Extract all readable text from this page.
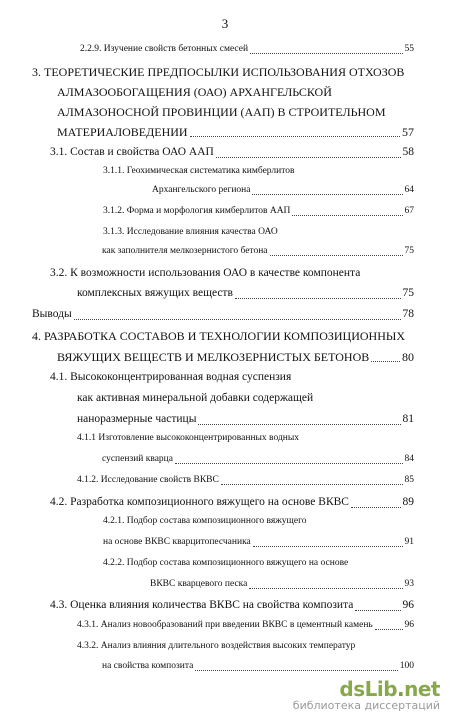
3
2.2.9. Изучение свойств бетонных смесей	55
3. ТЕОРЕТИЧЕСКИЕ ПРЕДПОСЫЛКИ ИСПОЛЬЗОВАНИЯ ОТХОЗОВ
АЛМАЗООБОГАЩЕНИЯ (ОАО) АРХАНГЕЛЬСКОЙ
АЛМАЗОНОСНОЙ ПРОВИНЦИИ (ААП) В СТРОИТЕЛЬНОМ
МАТЕРИАЛОВЕДЕНИИ	57
3.1. Состав и свойства ОАО ААП	58
3.1.1. Геохимическая систематика кимберлитов
Архангельского региона	64
3.1.2. Форма и морфология кимберлитов ААП	67
3.1.3. Исследование влияния качества ОАО
как заполнителя мелкозернистого бетона	75
3.2. К возможности использования ОАО в качестве компонента
комплексных вяжущих веществ	75
Выводы	78
4. РАЗРАБОТКА СОСТАВОВ И ТЕХНОЛОГИИ КОМПОЗИЦИОННЫХ
ВЯЖУЩИХ ВЕЩЕСТВ И МЕЛКОЗЕРНИСТЫХ БЕТОНОВ	80
4.1. Высококонцентрированная водная суспензия
как активная минеральной добавки содержащей
наноразмерные частицы	81
4.1.1 Изготовление высококонцентрированных водных
суспензий кварца	84
4.1.2. Исследование свойств ВКВС	85
4.2. Разработка композиционного вяжущего на основе ВКВС	89
4.2.1. Подбор состава композиционного вяжущего
на основе ВКВС кварцитопесчаника	91
4.2.2. Подбор состава композиционного вяжущего на основе
ВКВС кварцевого песка	93
4.3. Оценка влияния количества ВКВС на свойства композита	96
4.3.1. Анализ новообразований при введении ВКВС в цементный камень	96
4.3.2. Анализ влияния длительного воздействия высоких температур
на свойства композита	100
dsLib.net
библиотека диссертаций
